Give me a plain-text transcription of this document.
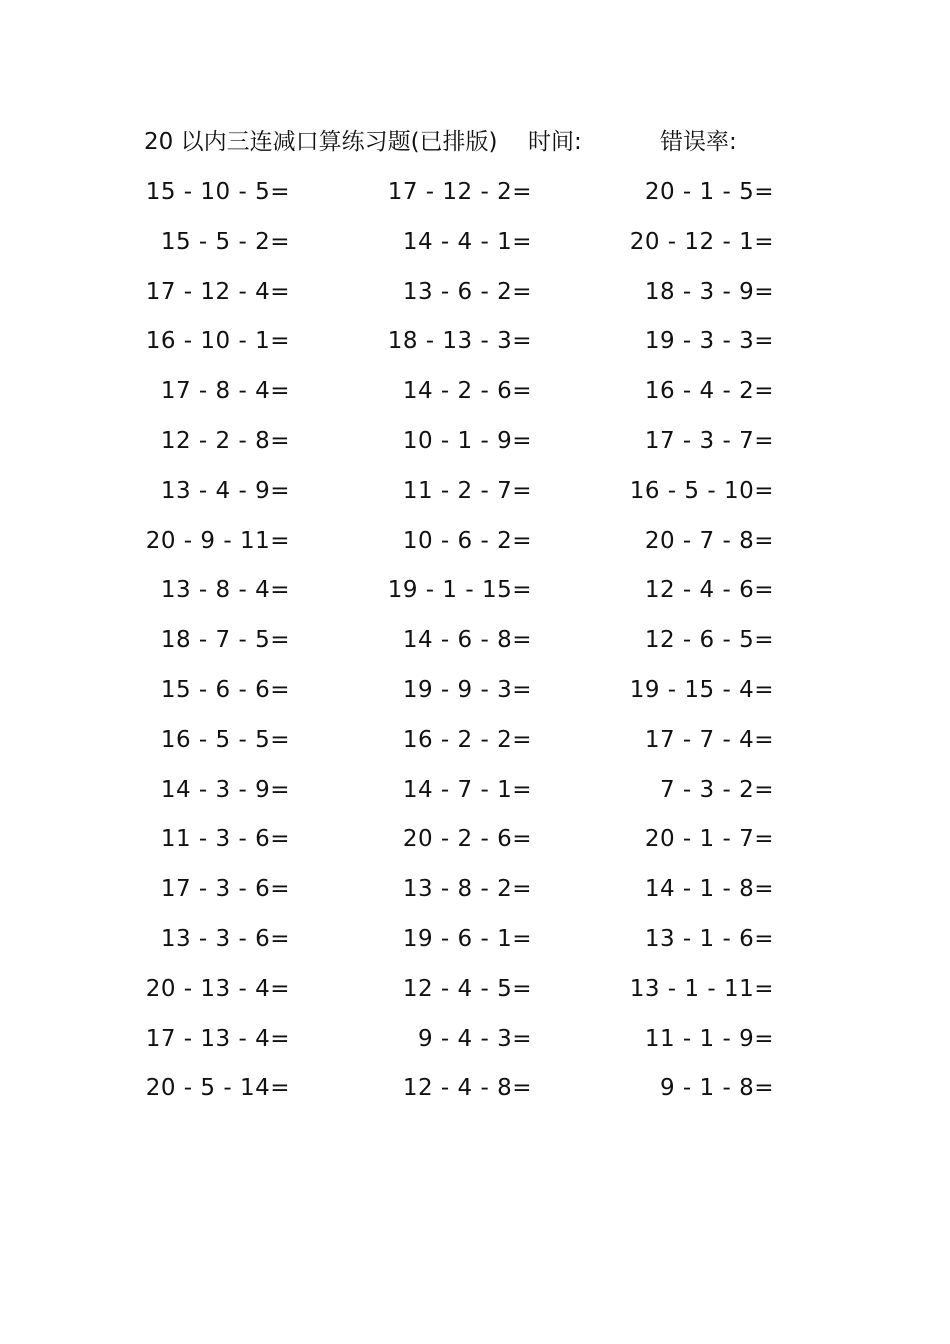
20 以内三连减口算练习题(已排版) 时间:	错误率:
15 - 10 - 5=	17 - 12 - 2=	20 - 1 - 5=
15 - 5 - 2=	14 - 4 - 1=	20 - 12 - 1=
17 - 12 - 4=	13 - 6 - 2=	18 - 3 - 9=
16 - 10 - 1=	18 - 13 - 3=	19 - 3 - 3=
17 - 8 - 4=	14 - 2 - 6=	16 - 4 - 2=
12 - 2 - 8=	10 - 1 - 9=	17 - 3 - 7=
13 - 4 - 9=	11 - 2 - 7=	16 - 5 - 10=
20 - 9 - 11=	10 - 6 - 2=	20 - 7 - 8=
13 - 8 - 4=	19 - 1 - 15=	12 - 4 - 6=
18 - 7 - 5=	14 - 6 - 8=	12 - 6 - 5=
15 - 6 - 6=	19 - 9 - 3=	19 - 15 - 4=
16 - 5 - 5=	16 - 2 - 2=	17 - 7 - 4=
14 - 3 - 9=	14 - 7 - 1=	7 - 3 - 2=
11 - 3 - 6=	20 - 2 - 6=	20 - 1 - 7=
17 - 3 - 6=	13 - 8 - 2=	14 - 1 - 8=
13 - 3 - 6=	19 - 6 - 1=	13 - 1 - 6=
20 - 13 - 4=	12 - 4 - 5=	13 - 1 - 11=
17 - 13 - 4=	9 - 4 - 3=	11 - 1 - 9=
20 - 5 - 14=	12 - 4 - 8=	9 - 1 - 8=
